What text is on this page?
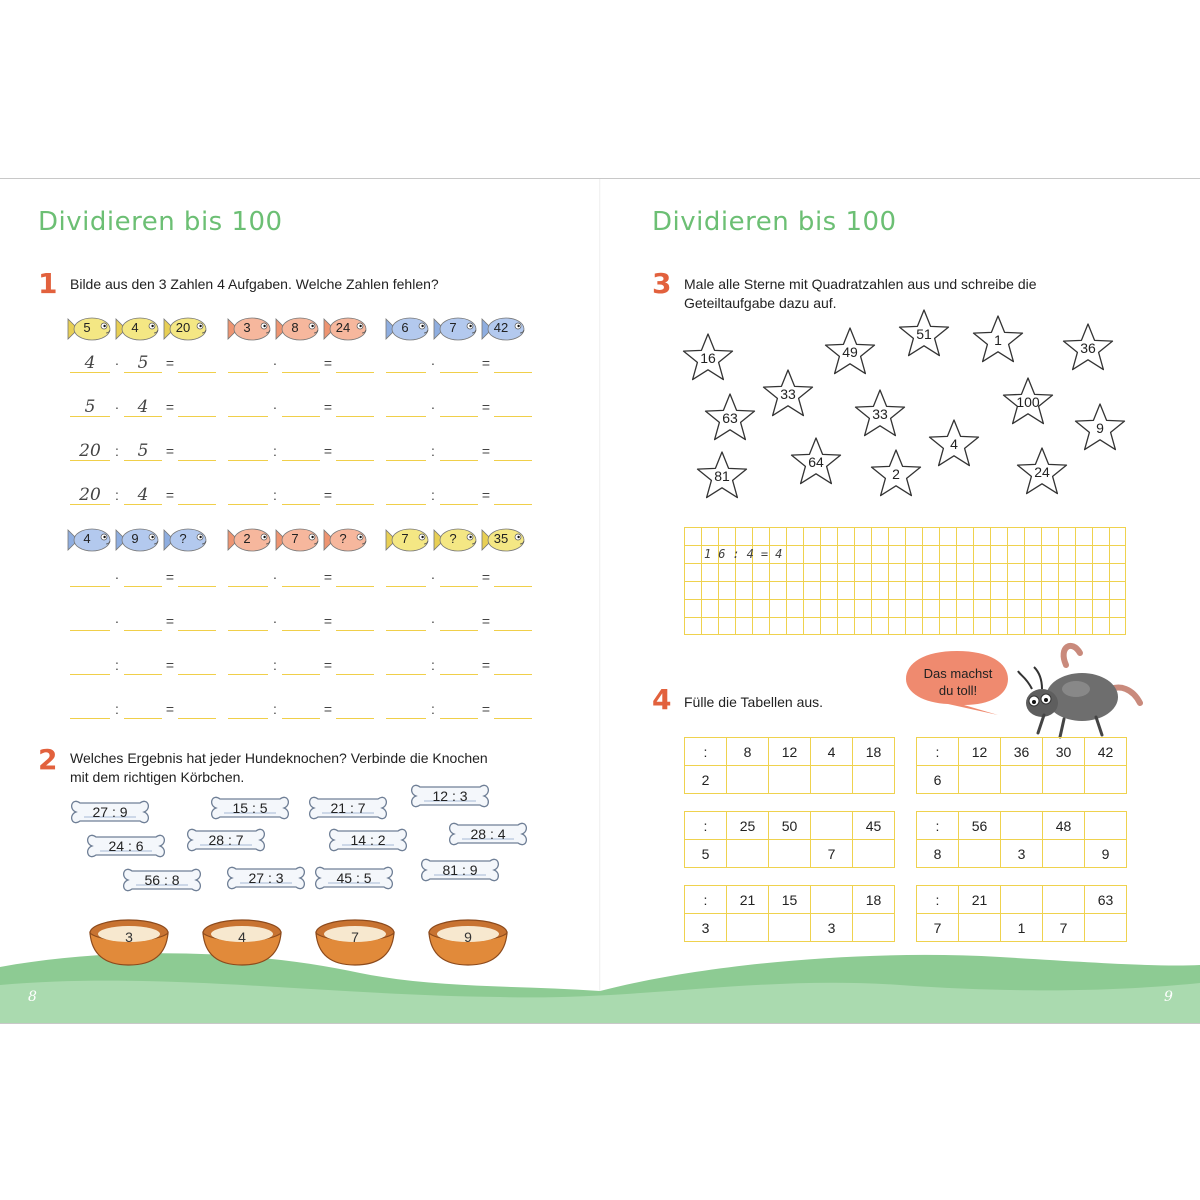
Dividieren bis 100
1 Bilde aus den 3 Zahlen 4 Aufgaben. Welche Zahlen fehlen?
5	4	20	3	8	24	6	7	42
4	·	5	=	·	=	·	=
5	·	4	=	·	=	·	=
20	:	5	=	:	=	:	=
20	:	4	=	:	=	:	=
4	9	?	2	7	?	7	?	35
·	=	·	=	·	=
·	=	·	=	·	=
:	=	:	=	:	=
:	=	:	=	:	=
2 Welches Ergebnis hat jeder Hundeknochen? Verbinde die Knochen
mit dem richtigen Körbchen.
27 : 9	15 : 5	21 : 7
12 : 3
24 : 6	28 : 7	14 : 2	28 : 4
56 : 8	27 : 3	45 : 5	81 : 9
3	4	7	9
8
Dividieren bis 100
3 Male alle Sterne mit Quadratzahlen aus und schreibe die
Geteiltaufgabe dazu auf.
16	49
51	1	36
33
63	33
100
9
4
64
81	2	24
16:4=4
4 Fülle die Tabellen aus.
Das machst
du toll!
:	8	12	4	18
2				
:	12	36	30	42
6				
:	25	50		45
5			7	
:	56		48	
8		3		9
:	21	15		18
3			3	
:	21			63
7		1	7	
9
